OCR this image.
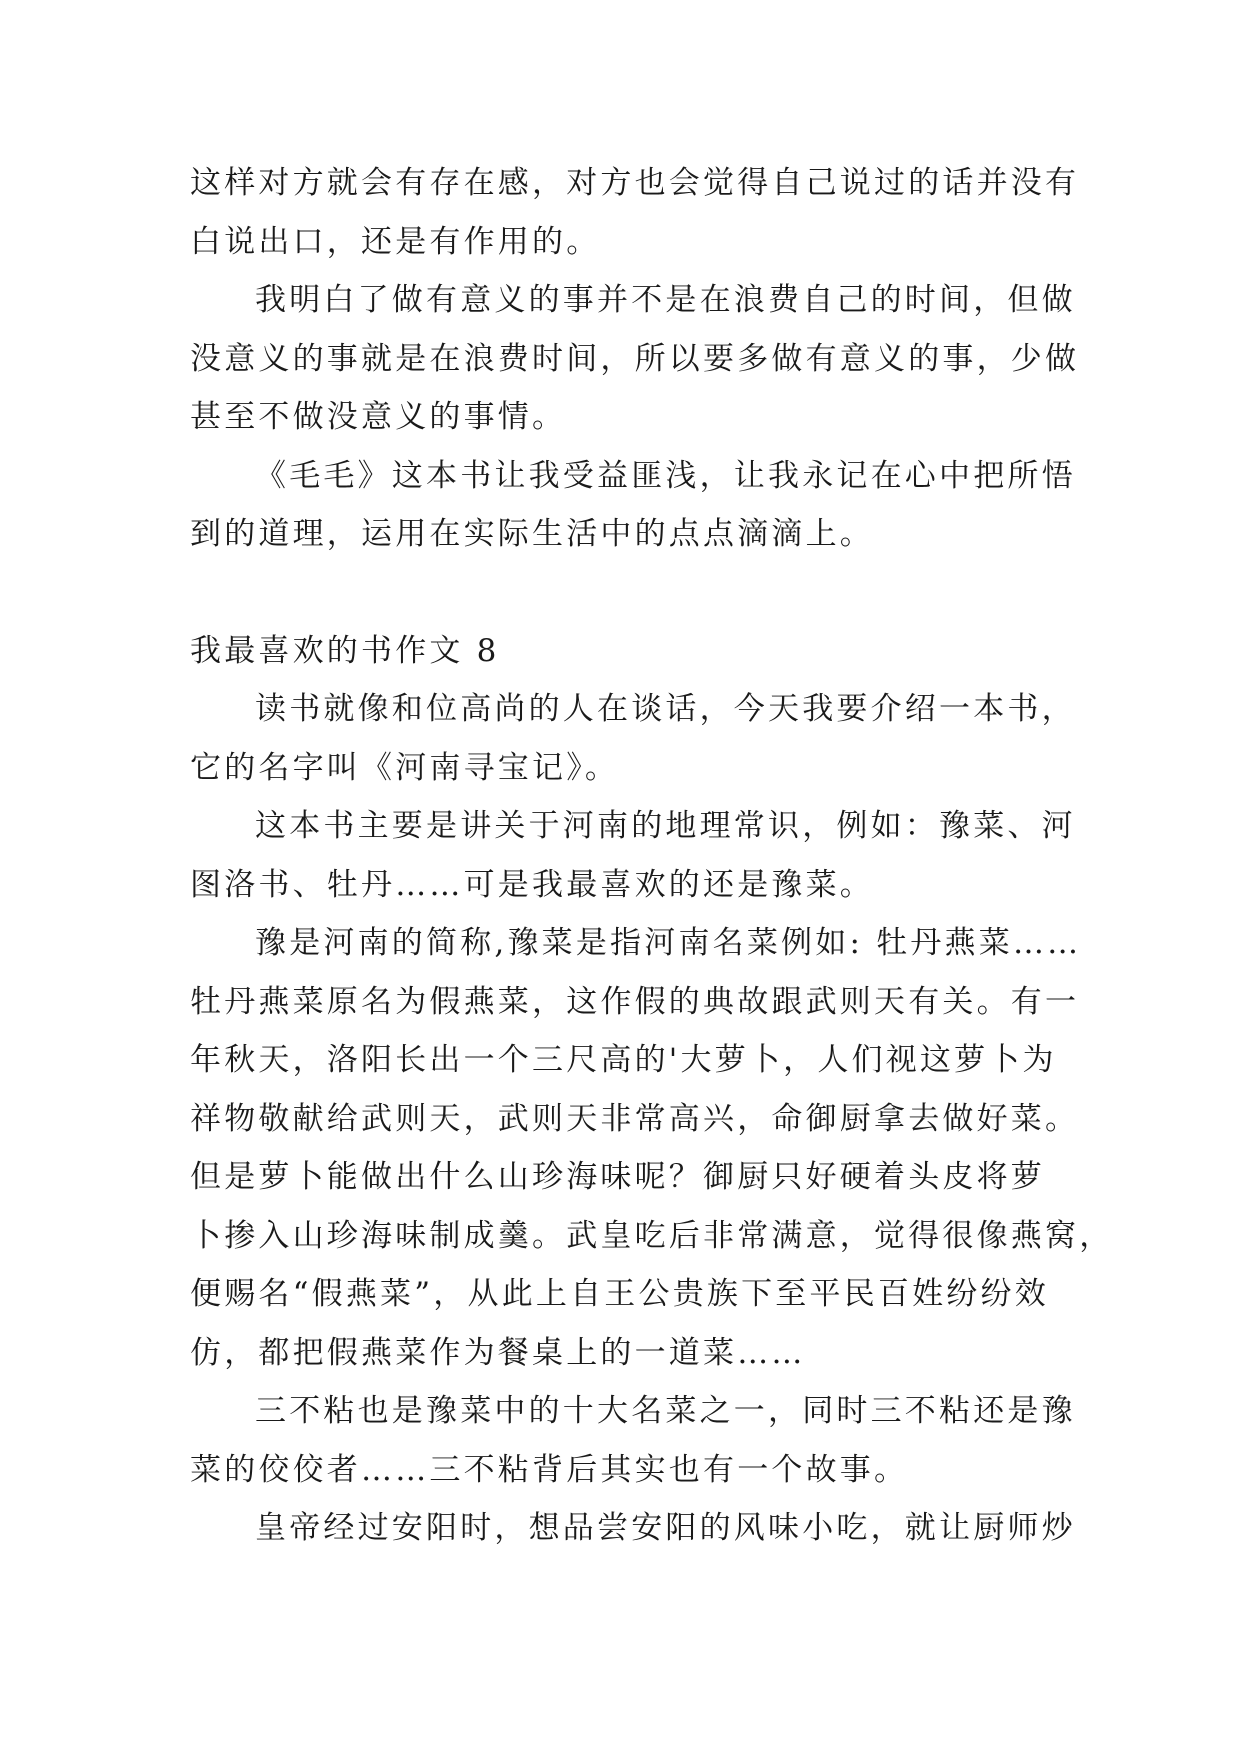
这样对方就会有存在感，对方也会觉得自己说过的话并没有
白说出口，还是有作用的。
我明白了做有意义的事并不是在浪费自己的时间，但做
没意义的事就是在浪费时间，所以要多做有意义的事，少做
甚至不做没意义的事情。
《毛毛》这本书让我受益匪浅，让我永记在心中把所悟
到的道理，运用在实际生活中的点点滴滴上。
我最喜欢的书作文 8
读书就像和位高尚的人在谈话，今天我要介绍一本书，
它的名字叫《河南寻宝记》。
这本书主要是讲关于河南的地理常识，例如：豫菜、河
图洛书、牡丹……可是我最喜欢的还是豫菜。
豫是河南的简称,豫菜是指河南名菜例如: 牡丹燕菜……
牡丹燕菜原名为假燕菜，这作假的典故跟武则天有关。有一
年秋天，洛阳长出一个三尺高的'大萝卜，人们视这萝卜为
祥物敬献给武则天，武则天非常高兴，命御厨拿去做好菜。
但是萝卜能做出什么山珍海味呢？御厨只好硬着头皮将萝
卜掺入山珍海味制成羹。武皇吃后非常满意，觉得很像燕窝，
便赐名“假燕菜”，从此上自王公贵族下至平民百姓纷纷效
仿，都把假燕菜作为餐桌上的一道菜……
三不粘也是豫菜中的十大名菜之一，同时三不粘还是豫
菜的佼佼者……三不粘背后其实也有一个故事。
皇帝经过安阳时，想品尝安阳的风味小吃，就让厨师炒
